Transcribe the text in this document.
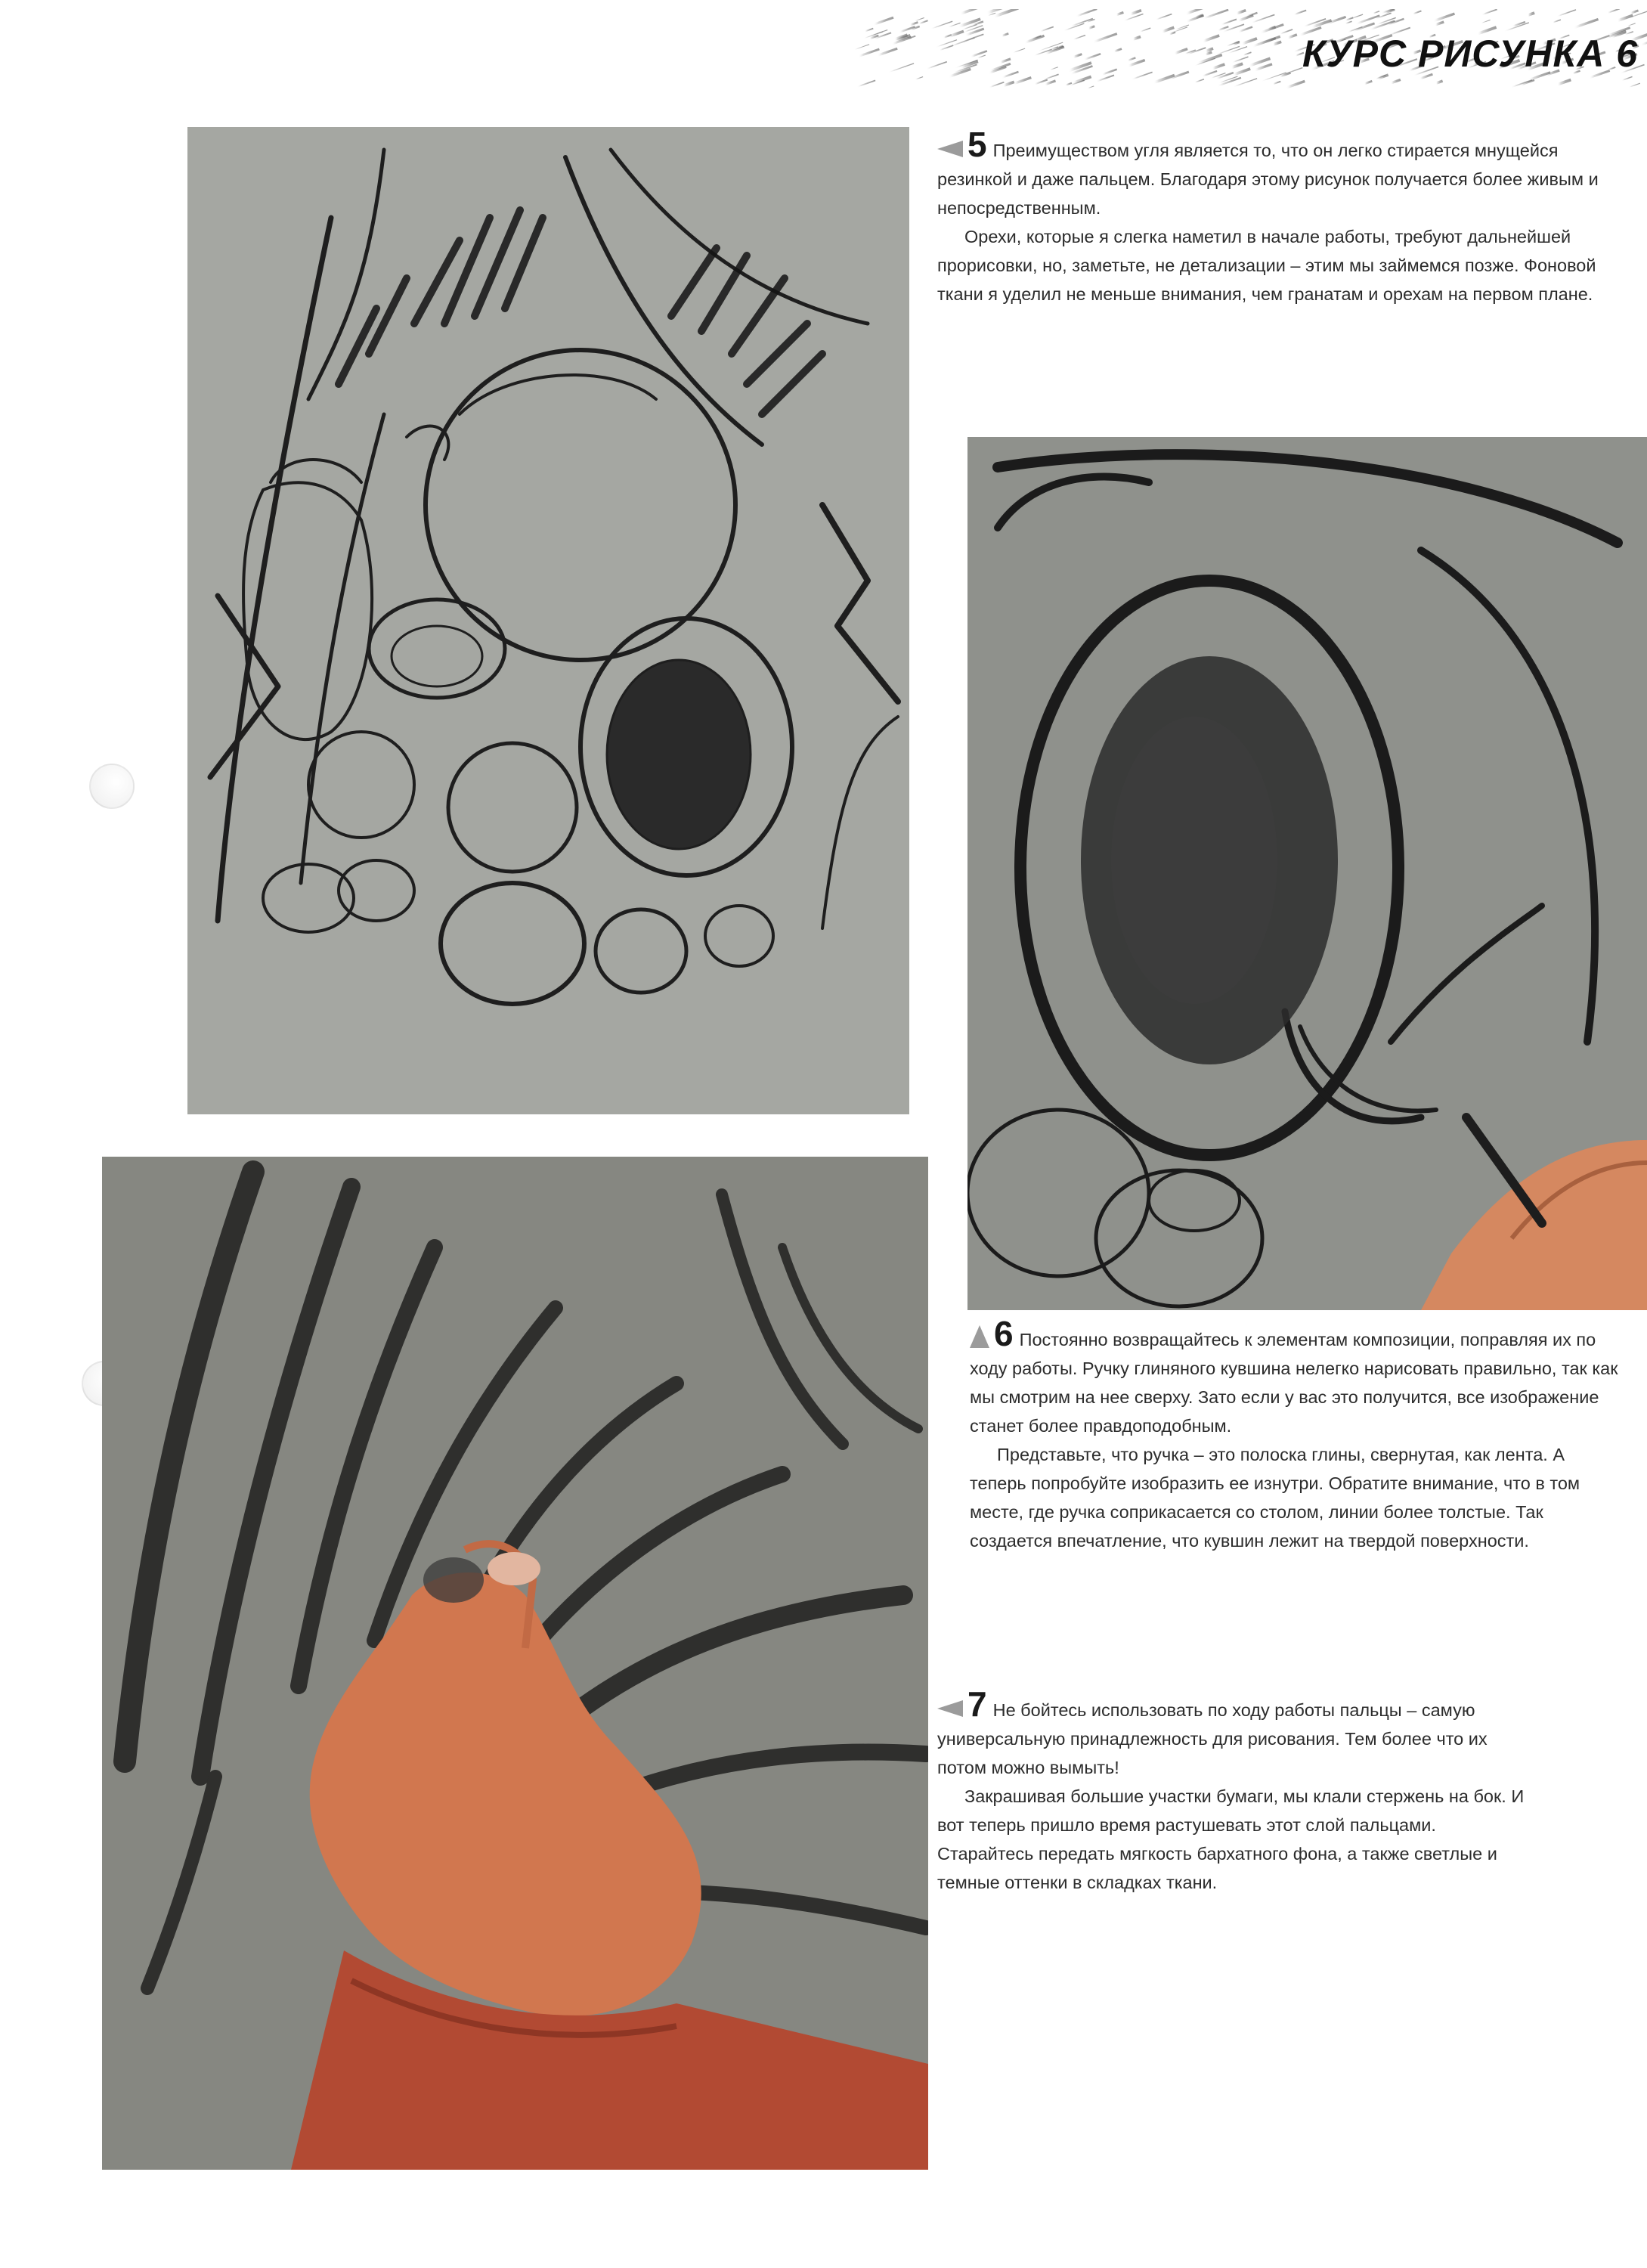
КУРС РИСУНКА 6

5 Преимуществом угля является то, что он легко стирается мнущейся резинкой и даже пальцем. Благодаря этому рисунок получается более живым и непосредственным.

Орехи, которые я слегка наметил в начале работы, требуют дальнейшей прорисовки, но, заметьте, не детализации – этим мы займемся позже. Фоновой ткани я уделил не меньше внимания, чем гранатам и орехам на первом плане.

6 Постоянно возвращайтесь к элементам композиции, поправляя их по ходу работы. Ручку глиняного кувшина нелегко нарисовать правильно, так как мы смотрим на нее сверху. Зато если у вас это получится, все изображение станет более правдоподобным.

Представьте, что ручка – это полоска глины, свернутая, как лента. А теперь попробуйте изобразить ее изнутри. Обратите внимание, что в том месте, где ручка соприкасается со столом, линии более толстые. Так создается впечатление, что кувшин лежит на твердой поверхности.

7 Не бойтесь использовать по ходу работы пальцы – самую универсальную принадлежность для рисования. Тем более что их потом можно вымыть!

Закрашивая большие участки бумаги, мы клали стержень на бок. И вот теперь пришло время растушевать этот слой пальцами. Старайтесь передать мягкость бархатного фона, а также светлые и темные оттенки в складках ткани.
